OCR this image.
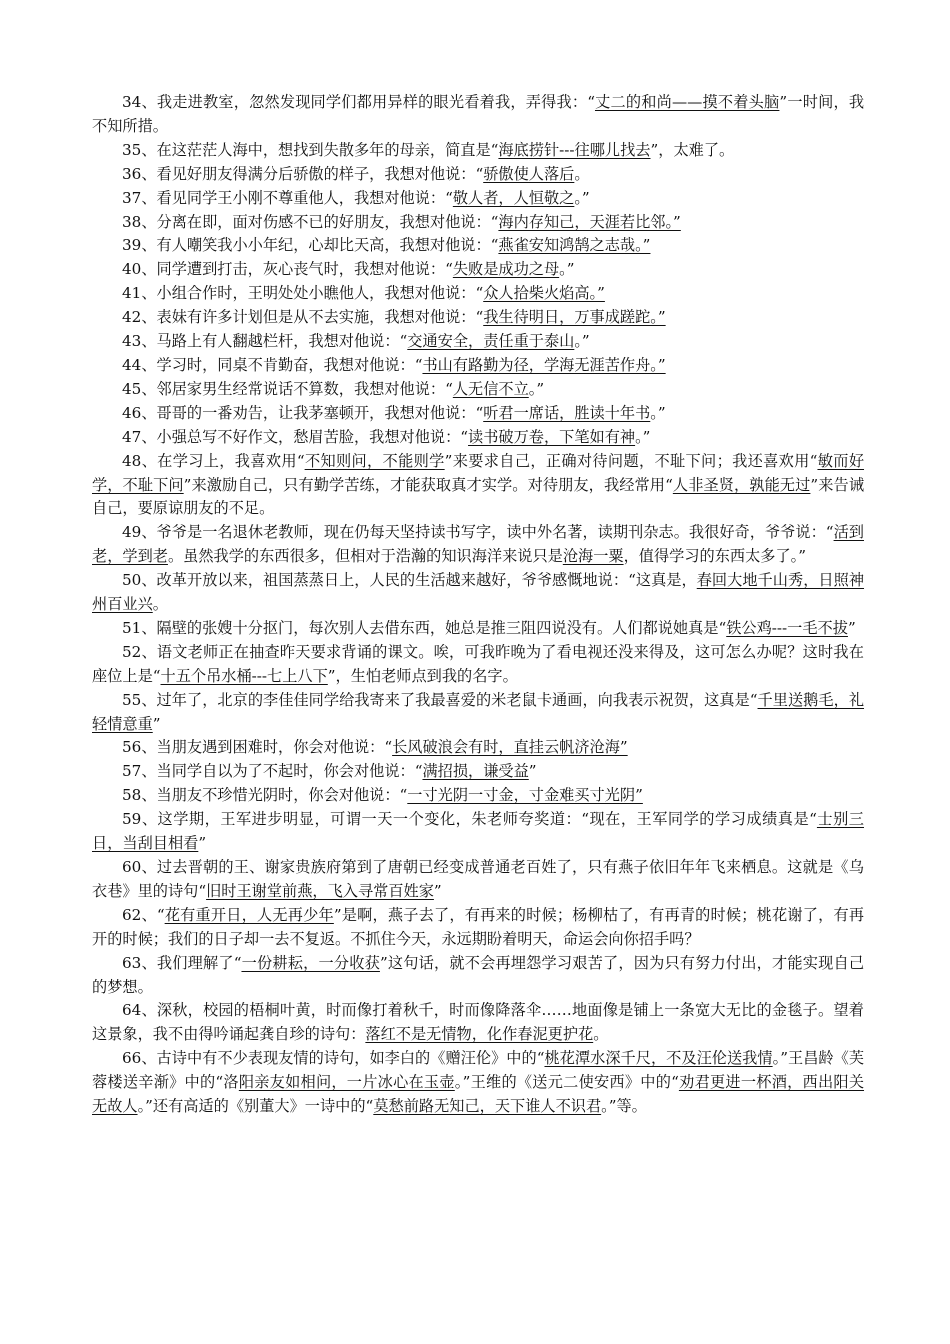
34、我走进教室，忽然发现同学们都用异样的眼光看着我，弄得我：“丈二的和尚——摸不着头脑”一时间，我不知所措。

35、在这茫茫人海中，想找到失散多年的母亲，简直是“海底捞针---往哪儿找去”，太难了。

36、看见好朋友得满分后骄傲的样子，我想对他说：“骄傲使人落后。

37、看见同学王小刚不尊重他人，我想对他说：“敬人者，人恒敬之。”

38、分离在即，面对伤感不已的好朋友，我想对他说：“海内存知己，天涯若比邻。”

39、有人嘲笑我小小年纪，心却比天高，我想对他说：“燕雀安知鸿鹄之志哉。”

40、同学遭到打击，灰心丧气时，我想对他说：“失败是成功之母。”

41、小组合作时，王明处处小瞧他人，我想对他说：“众人拾柴火焰高。”

42、表妹有许多计划但是从不去实施，我想对他说：“我生待明日，万事成蹉跎。”

43、马路上有人翻越栏杆，我想对他说：“交通安全，责任重于泰山。”

44、学习时，同桌不肯勤奋，我想对他说：“书山有路勤为径，学海无涯苦作舟。”

45、邻居家男生经常说话不算数，我想对他说：“人无信不立。”

46、哥哥的一番劝告，让我茅塞顿开，我想对他说：“听君一席话，胜读十年书。”

47、小强总写不好作文，愁眉苦脸，我想对他说：“读书破万卷，下笔如有神。”

48、在学习上，我喜欢用“不知则问，不能则学”来要求自己，正确对待问题，不耻下问；我还喜欢用“敏而好学，不耻下问”来激励自己，只有勤学苦练，才能获取真才实学。对待朋友，我经常用“人非圣贤，孰能无过”来告诫自己，要原谅朋友的不足。

49、爷爷是一名退休老教师，现在仍每天坚持读书写字，读中外名著，读期刊杂志。我很好奇，爷爷说：“活到老，学到老。虽然我学的东西很多，但相对于浩瀚的知识海洋来说只是沧海一粟，值得学习的东西太多了。”

50、改革开放以来，祖国蒸蒸日上，人民的生活越来越好，爷爷感慨地说：“这真是，春回大地千山秀，日照神州百业兴。

51、隔壁的张嫂十分抠门，每次别人去借东西，她总是推三阻四说没有。人们都说她真是“铁公鸡---一毛不拔”

52、语文老师正在抽查昨天要求背诵的课文。唉，可我昨晚为了看电视还没来得及，这可怎么办呢？这时我在座位上是“十五个吊水桶---七上八下”，生怕老师点到我的名字。

55、过年了，北京的李佳佳同学给我寄来了我最喜爱的米老鼠卡通画，向我表示祝贺，这真是“千里送鹅毛，礼轻情意重”

56、当朋友遇到困难时，你会对他说：“长风破浪会有时，直挂云帆济沧海”

57、当同学自以为了不起时，你会对他说：“满招损，谦受益”

58、当朋友不珍惜光阴时，你会对他说：“一寸光阴一寸金，寸金难买寸光阴”

59、这学期，王军进步明显，可谓一天一个变化，朱老师夸奖道：“现在，王军同学的学习成绩真是“士别三日，当刮目相看”

60、过去晋朝的王、谢家贵族府第到了唐朝已经变成普通老百姓了，只有燕子依旧年年飞来栖息。这就是《乌衣巷》里的诗句“旧时王谢堂前燕，飞入寻常百姓家”

62、“花有重开日，人无再少年”是啊，燕子去了，有再来的时候；杨柳枯了，有再青的时候；桃花谢了，有再开的时候；我们的日子却一去不复返。不抓住今天，永远期盼着明天，命运会向你招手吗？

63、我们理解了“一份耕耘，一分收获”这句话，就不会再埋怨学习艰苦了，因为只有努力付出，才能实现自己的梦想。

64、深秋，校园的梧桐叶黄，时而像打着秋千，时而像降落伞……地面像是铺上一条宽大无比的金毯子。望着这景象，我不由得吟诵起龚自珍的诗句：落红不是无情物，化作春泥更护花。

66、古诗中有不少表现友情的诗句，如李白的《赠汪伦》中的“桃花潭水深千尺，不及汪伦送我情。”王昌龄《芙蓉楼送辛渐》中的“洛阳亲友如相问，一片冰心在玉壶。”王维的《送元二使安西》中的“劝君更进一杯酒，西出阳关无故人。”还有高适的《别董大》一诗中的“莫愁前路无知己，天下谁人不识君。”等。
